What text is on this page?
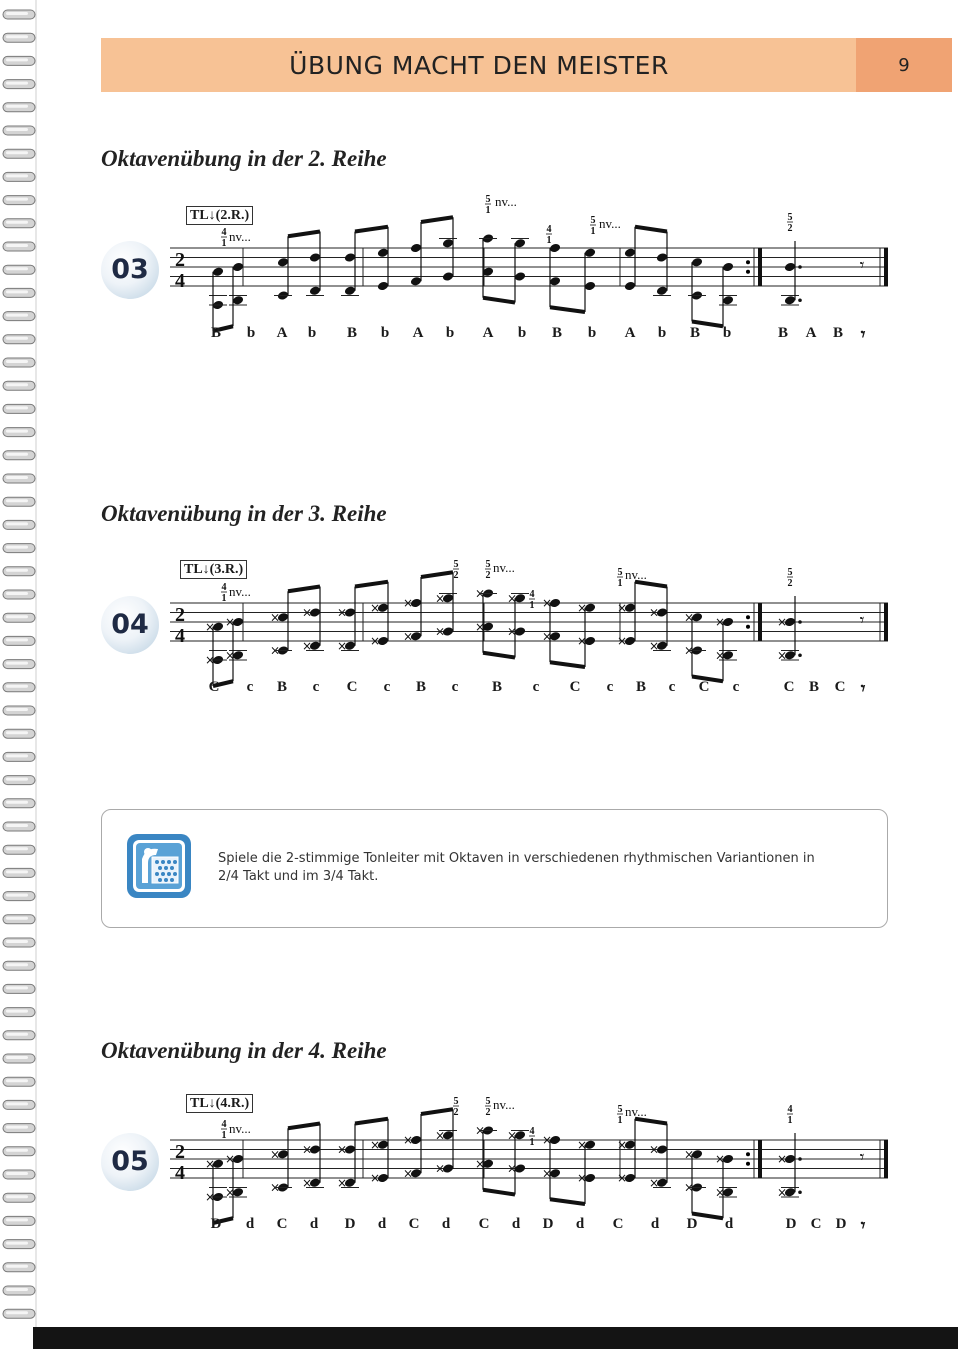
ÜBUNG MACHT DEN MEISTER	9
Oktavenübung in der 2. Reihe
03
TL↓(2.R.)
2
4
𝄾
4
1 nv...
5
1
nv...
4
1
5
1
nv...	5
2
B b A b B b A b A b B b A b B b	B A B 𝄾
Oktavenübung in der 3. Reihe
04
TL↓(3.R.)
2
4
𝄾
×
×
×
×
×
×
×
×
×
×
×
×
×
×
×
×
×
×
×
×
×
×
×
×
×
×
×
×
×
×
×
×
×
×
4
1 nv...
5
2
5
2
nv...
4
1
5
1
nv...	5
2
C c B c C c B c B c C c B c C c	C B C 𝄾
Spiele die 2-stimmige Tonleiter mit Oktaven in verschiedenen rhythmischen Variantionen in 2/4 Takt und im 3/4 Takt.
Oktavenübung in der 4. Reihe
05
TL↓(4.R.)
2
4
𝄾
×
×
×
×
×
×
×
×
×
×
×
×
×
×
×
×
×
×
×
×
×
×
×
×
×
×
×
×
×
×
×
×
×
×
4
1 nv...
5
2
5
2
nv...
4
1
5
1
nv...	4
1
D d C d D d C d C d D d C d D d	D C D 𝄾
